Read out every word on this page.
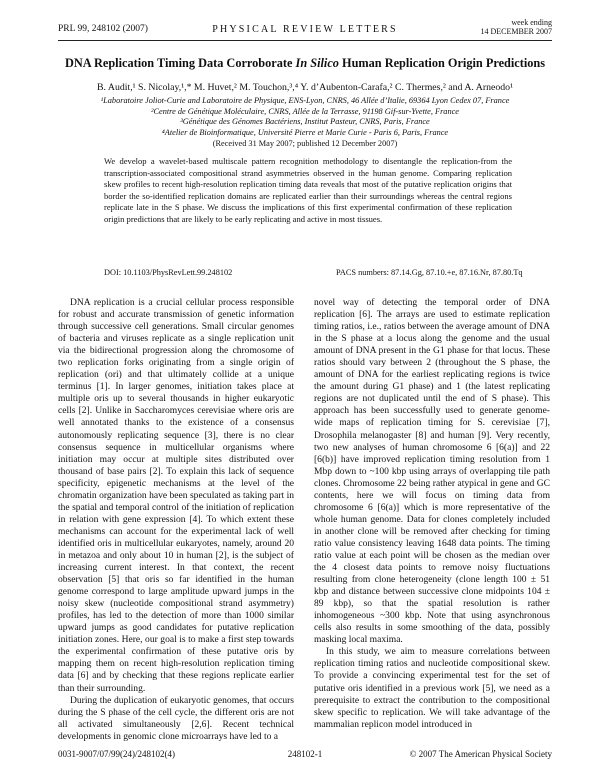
PRL 99, 248102 (2007)	PHYSICAL REVIEW LETTERS
week ending
14 DECEMBER 2007
DNA Replication Timing Data Corroborate In Silico Human Replication Origin Predictions
B. Audit,¹ S. Nicolay,¹,* M. Huvet,² M. Touchon,³,⁴ Y. d’Aubenton-Carafa,² C. Thermes,² and A. Arneodo¹
¹Laboratoire Joliot-Curie and Laboratoire de Physique, ENS-Lyon, CNRS, 46 Allée d’Italie, 69364 Lyon Cedex 07, France
²Centre de Génétique Moléculaire, CNRS, Allée de la Terrasse, 91198 Gif-sur-Yvette, France
³Génétique des Génomes Bactériens, Institut Pasteur, CNRS, Paris, France
⁴Atelier de Bioinformatique, Université Pierre et Marie Curie - Paris 6, Paris, France
(Received 31 May 2007; published 12 December 2007)
We develop a wavelet-based multiscale pattern recognition methodology to disentangle the replication-from the transcription-associated compositional strand asymmetries observed in the human genome. Comparing replication skew profiles to recent high-resolution replication timing data reveals that most of the putative replication origins that border the so-identified replication domains are replicated earlier than their surroundings whereas the central regions replicate late in the S phase. We discuss the implications of this first experimental confirmation of these replication origin predictions that are likely to be early replicating and active in most tissues.
DOI: 10.1103/PhysRevLett.99.248102	PACS numbers: 87.14.Gg, 87.10.+e, 87.16.Nr, 87.80.Tq

DNA replication is a crucial cellular process responsible for robust and accurate transmission of genetic information through successive cell generations. Small circular genomes of bacteria and viruses replicate as a single replication unit via the bidirectional progression along the chromosome of two replication forks originating from a single origin of replication (ori) and that ultimately collide at a unique terminus [1]. In larger genomes, initiation takes place at multiple oris up to several thousands in higher eukaryotic cells [2]. Unlike in Saccharomyces cerevisiae where oris are well annotated thanks to the existence of a consensus autonomously replicating sequence [3], there is no clear consensus sequence in multicellular organisms where initiation may occur at multiple sites distributed over thousand of base pairs [2]. To explain this lack of sequence specificity, epigenetic mechanisms at the level of the chromatin organization have been speculated as taking part in the spatial and temporal control of the initiation of replication in relation with gene expression [4]. To which extent these mechanisms can account for the experimental lack of well identified oris in multicellular eukaryotes, namely, around 20 in metazoa and only about 10 in human [2], is the subject of increasing current interest. In that context, the recent observation [5] that oris so far identified in the human genome correspond to large amplitude upward jumps in the noisy skew (nucleotide compositional strand asymmetry) profiles, has led to the detection of more than 1000 similar upward jumps as good candidates for putative replication initiation zones. Here, our goal is to make a first step towards the experimental confirmation of these putative oris by mapping them on recent high-resolution replication timing data [6] and by checking that these regions replicate earlier than their surrounding.

During the duplication of eukaryotic genomes, that occurs during the S phase of the cell cycle, the different oris are not all activated simultaneously [2,6]. Recent technical developments in genomic clone microarrays have led to a

novel way of detecting the temporal order of DNA replication [6]. The arrays are used to estimate replication timing ratios, i.e., ratios between the average amount of DNA in the S phase at a locus along the genome and the usual amount of DNA present in the G1 phase for that locus. These ratios should vary between 2 (throughout the S phase, the amount of DNA for the earliest replicating regions is twice the amount during G1 phase) and 1 (the latest replicating regions are not duplicated until the end of S phase). This approach has been successfully used to generate genome-wide maps of replication timing for S. cerevisiae [7], Drosophila melanogaster [8] and human [9]. Very recently, two new analyses of human chromosome 6 [6(a)] and 22 [6(b)] have improved replication timing resolution from 1 Mbp down to ~100 kbp using arrays of overlapping tile path clones. Chromosome 22 being rather atypical in gene and GC contents, here we will focus on timing data from chromosome 6 [6(a)] which is more representative of the whole human genome. Data for clones completely included in another clone will be removed after checking for timing ratio value consistency leaving 1648 data points. The timing ratio value at each point will be chosen as the median over the 4 closest data points to remove noisy fluctuations resulting from clone heterogeneity (clone length 100 ± 51 kbp and distance between successive clone midpoints 104 ± 89 kbp), so that the spatial resolution is rather inhomogeneous ~300 kbp. Note that using asynchronous cells also results in some smoothing of the data, possibly masking local maxima.

In this study, we aim to measure correlations between replication timing ratios and nucleotide compositional skew. To provide a convincing experimental test for the set of putative oris identified in a previous work [5], we need as a prerequisite to extract the contribution to the compositional skew specific to replication. We will take advantage of the mammalian replicon model introduced in

0031-9007/07/99(24)/248102(4)	248102-1	© 2007 The American Physical Society
